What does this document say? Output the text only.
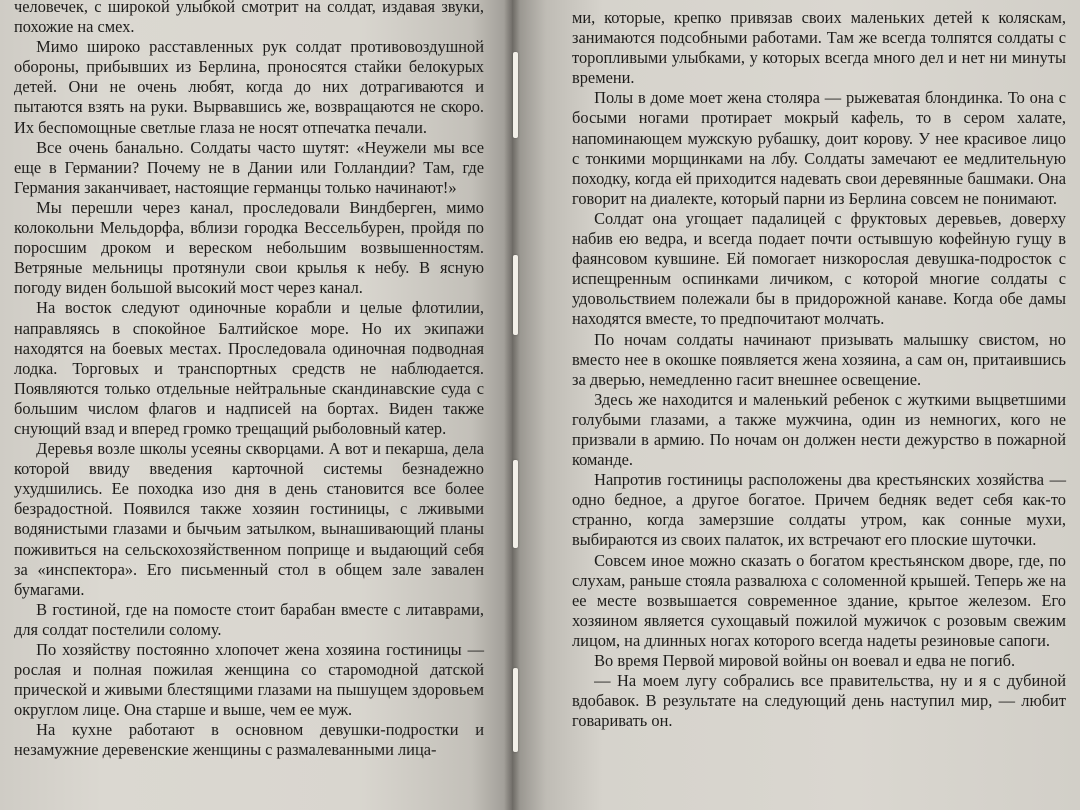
человечек, с широкой улыбкой смотрит на солдат, издавая звуки, похожие на смех.

Мимо широко расставленных рук солдат противовоздушной обороны, прибывших из Берлина, проносятся стайки белокурых детей. Они не очень любят, когда до них дотрагиваются и пытаются взять на руки. Вырвавшись же, возвращаются не скоро. Их беспомощные светлые глаза не носят отпечатка печали.

Все очень банально. Солдаты часто шутят: «Неужели мы все еще в Германии? Почему не в Дании или Голландии? Там, где Германия заканчивает, настоящие германцы только начинают!»

Мы перешли через канал, проследовали Виндберген, мимо колокольни Мельдорфа, вблизи городка Вессельбурен, пройдя по поросшим дроком и вереском небольшим возвышенностям. Ветряные мельницы протянули свои крылья к небу. В ясную погоду виден большой высокий мост через канал.

На восток следуют одиночные корабли и целые флотилии, направляясь в спокойное Балтийское море. Но их экипажи находятся на боевых местах. Проследовала одиночная подводная лодка. Торговых и транспортных средств не наблюдается. Появляются только отдельные нейтральные скандинавские суда с большим числом флагов и надписей на бортах. Виден также снующий взад и вперед громко трещащий рыболовный катер.

Деревья возле школы усеяны скворцами. А вот и пекарша, дела которой ввиду введения карточной системы безнадежно ухудшились. Ее походка изо дня в день становится все более безрадостной. Появился также хозяин гостиницы, с лживыми водянистыми глазами и бычьим затылком, вынашивающий планы поживиться на сельскохозяйственном поприще и выдающий себя за «инспектора». Его письменный стол в общем зале завален бумагами.

В гостиной, где на помосте стоит барабан вместе с литаврами, для солдат постелили солому.

По хозяйству постоянно хлопочет жена хозяина гостиницы — рослая и полная пожилая женщина со старомодной датской прической и живыми блестящими глазами на пышущем здоровьем округлом лице. Она старше и выше, чем ее муж.

На кухне работают в основном девушки-подростки и незамужние деревенские женщины с размалеванными лица-

ми, которые, крепко привязав своих маленьких детей к коляскам, занимаются подсобными работами. Там же всегда толпятся солдаты с торопливыми улыбками, у которых всегда много дел и нет ни минуты времени.

Полы в доме моет жена столяра — рыжеватая блондинка. То она с босыми ногами протирает мокрый кафель, то в сером халате, напоминающем мужскую рубашку, доит корову. У нее красивое лицо с тонкими морщинками на лбу. Солдаты замечают ее медлительную походку, когда ей приходится надевать свои деревянные башмаки. Она говорит на диалекте, который парни из Берлина совсем не понимают.

Солдат она угощает падалицей с фруктовых деревьев, доверху набив ею ведра, и всегда подает почти остывшую кофейную гущу в фаянсовом кувшине. Ей помогает низкорослая девушка-подросток с испещренным оспинками личиком, с которой многие солдаты с удовольствием полежали бы в придорожной канаве. Когда обе дамы находятся вместе, то предпочитают молчать.

По ночам солдаты начинают призывать малышку свистом, но вместо нее в окошке появляется жена хозяина, а сам он, притаившись за дверью, немедленно гасит внешнее освещение.

Здесь же находится и маленький ребенок с жуткими выцветшими голубыми глазами, а также мужчина, один из немногих, кого не призвали в армию. По ночам он должен нести дежурство в пожарной команде.

Напротив гостиницы расположены два крестьянских хозяйства — одно бедное, а другое богатое. Причем бедняк ведет себя как-то странно, когда замерзшие солдаты утром, как сонные мухи, выбираются из своих палаток, их встречают его плоские шуточки.

Совсем иное можно сказать о богатом крестьянском дворе, где, по слухам, раньше стояла развалюха с соломенной крышей. Теперь же на ее месте возвышается современное здание, крытое железом. Его хозяином является сухощавый пожилой мужичок с розовым свежим лицом, на длинных ногах которого всегда надеты резиновые сапоги.

Во время Первой мировой войны он воевал и едва не погиб.

— На моем лугу собрались все правительства, ну и я с дубиной вдобавок. В результате на следующий день наступил мир, — любит говаривать он.
